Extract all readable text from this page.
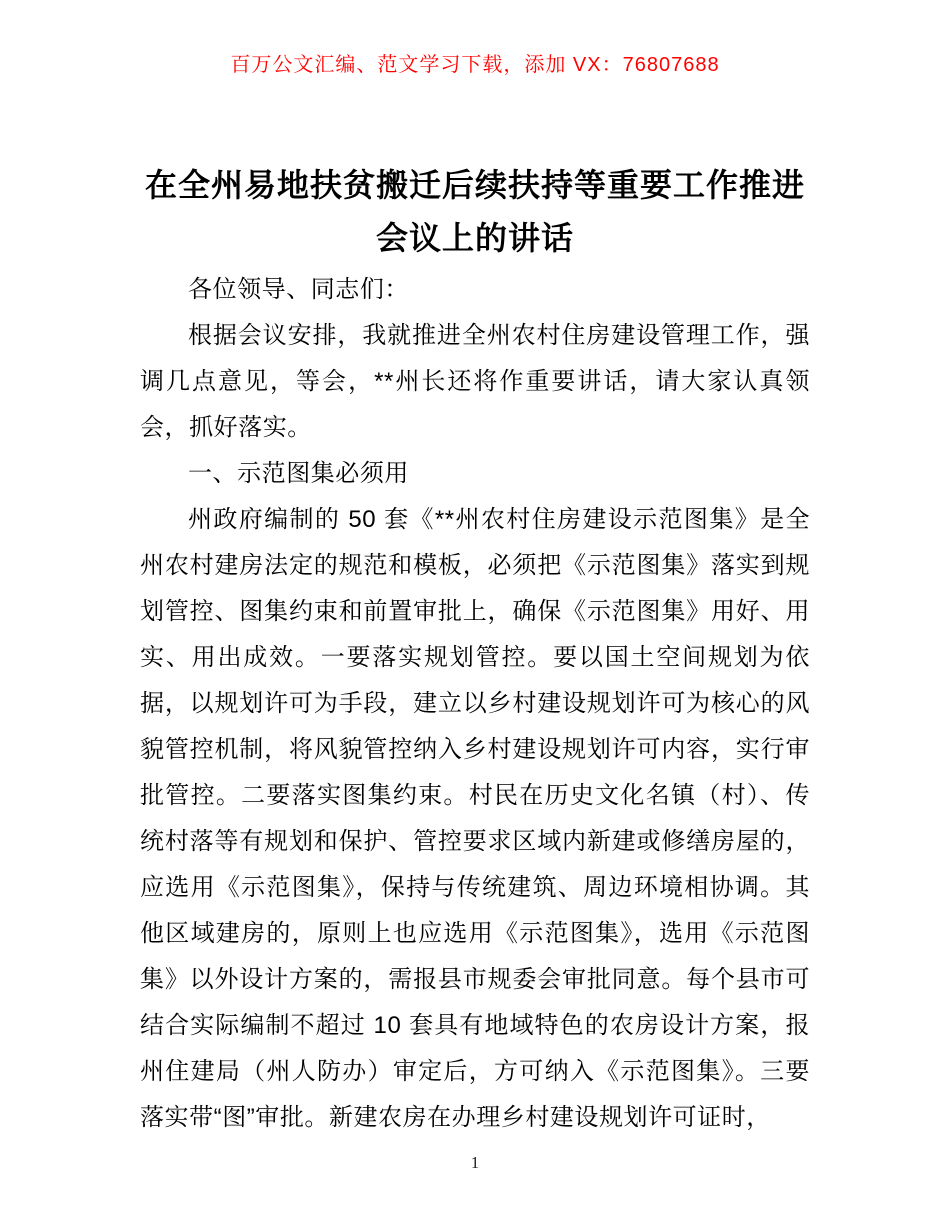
百万公文汇编、范文学习下载，添加 VX：76807688
在全州易地扶贫搬迁后续扶持等重要工作推进会议上的讲话

各位领导、同志们：

根据会议安排，我就推进全州农村住房建设管理工作，强调几点意见，等会，**州长还将作重要讲话，请大家认真领会，抓好落实。

一、示范图集必须用

州政府编制的 50 套《**州农村住房建设示范图集》是全州农村建房法定的规范和模板，必须把《示范图集》落实到规划管控、图集约束和前置审批上，确保《示范图集》用好、用实、用出成效。一要落实规划管控。要以国土空间规划为依据，以规划许可为手段，建立以乡村建设规划许可为核心的风貌管控机制，将风貌管控纳入乡村建设规划许可内容，实行审批管控。二要落实图集约束。村民在历史文化名镇（村）、传统村落等有规划和保护、管控要求区域内新建或修缮房屋的，应选用《示范图集》，保持与传统建筑、周边环境相协调。其他区域建房的，原则上也应选用《示范图集》，选用《示范图集》以外设计方案的，需报县市规委会审批同意。每个县市可结合实际编制不超过 10 套具有地域特色的农房设计方案，报州住建局（州人防办）审定后，方可纳入《示范图集》。三要落实带“图”审批。新建农房在办理乡村建设规划许可证时，

1
